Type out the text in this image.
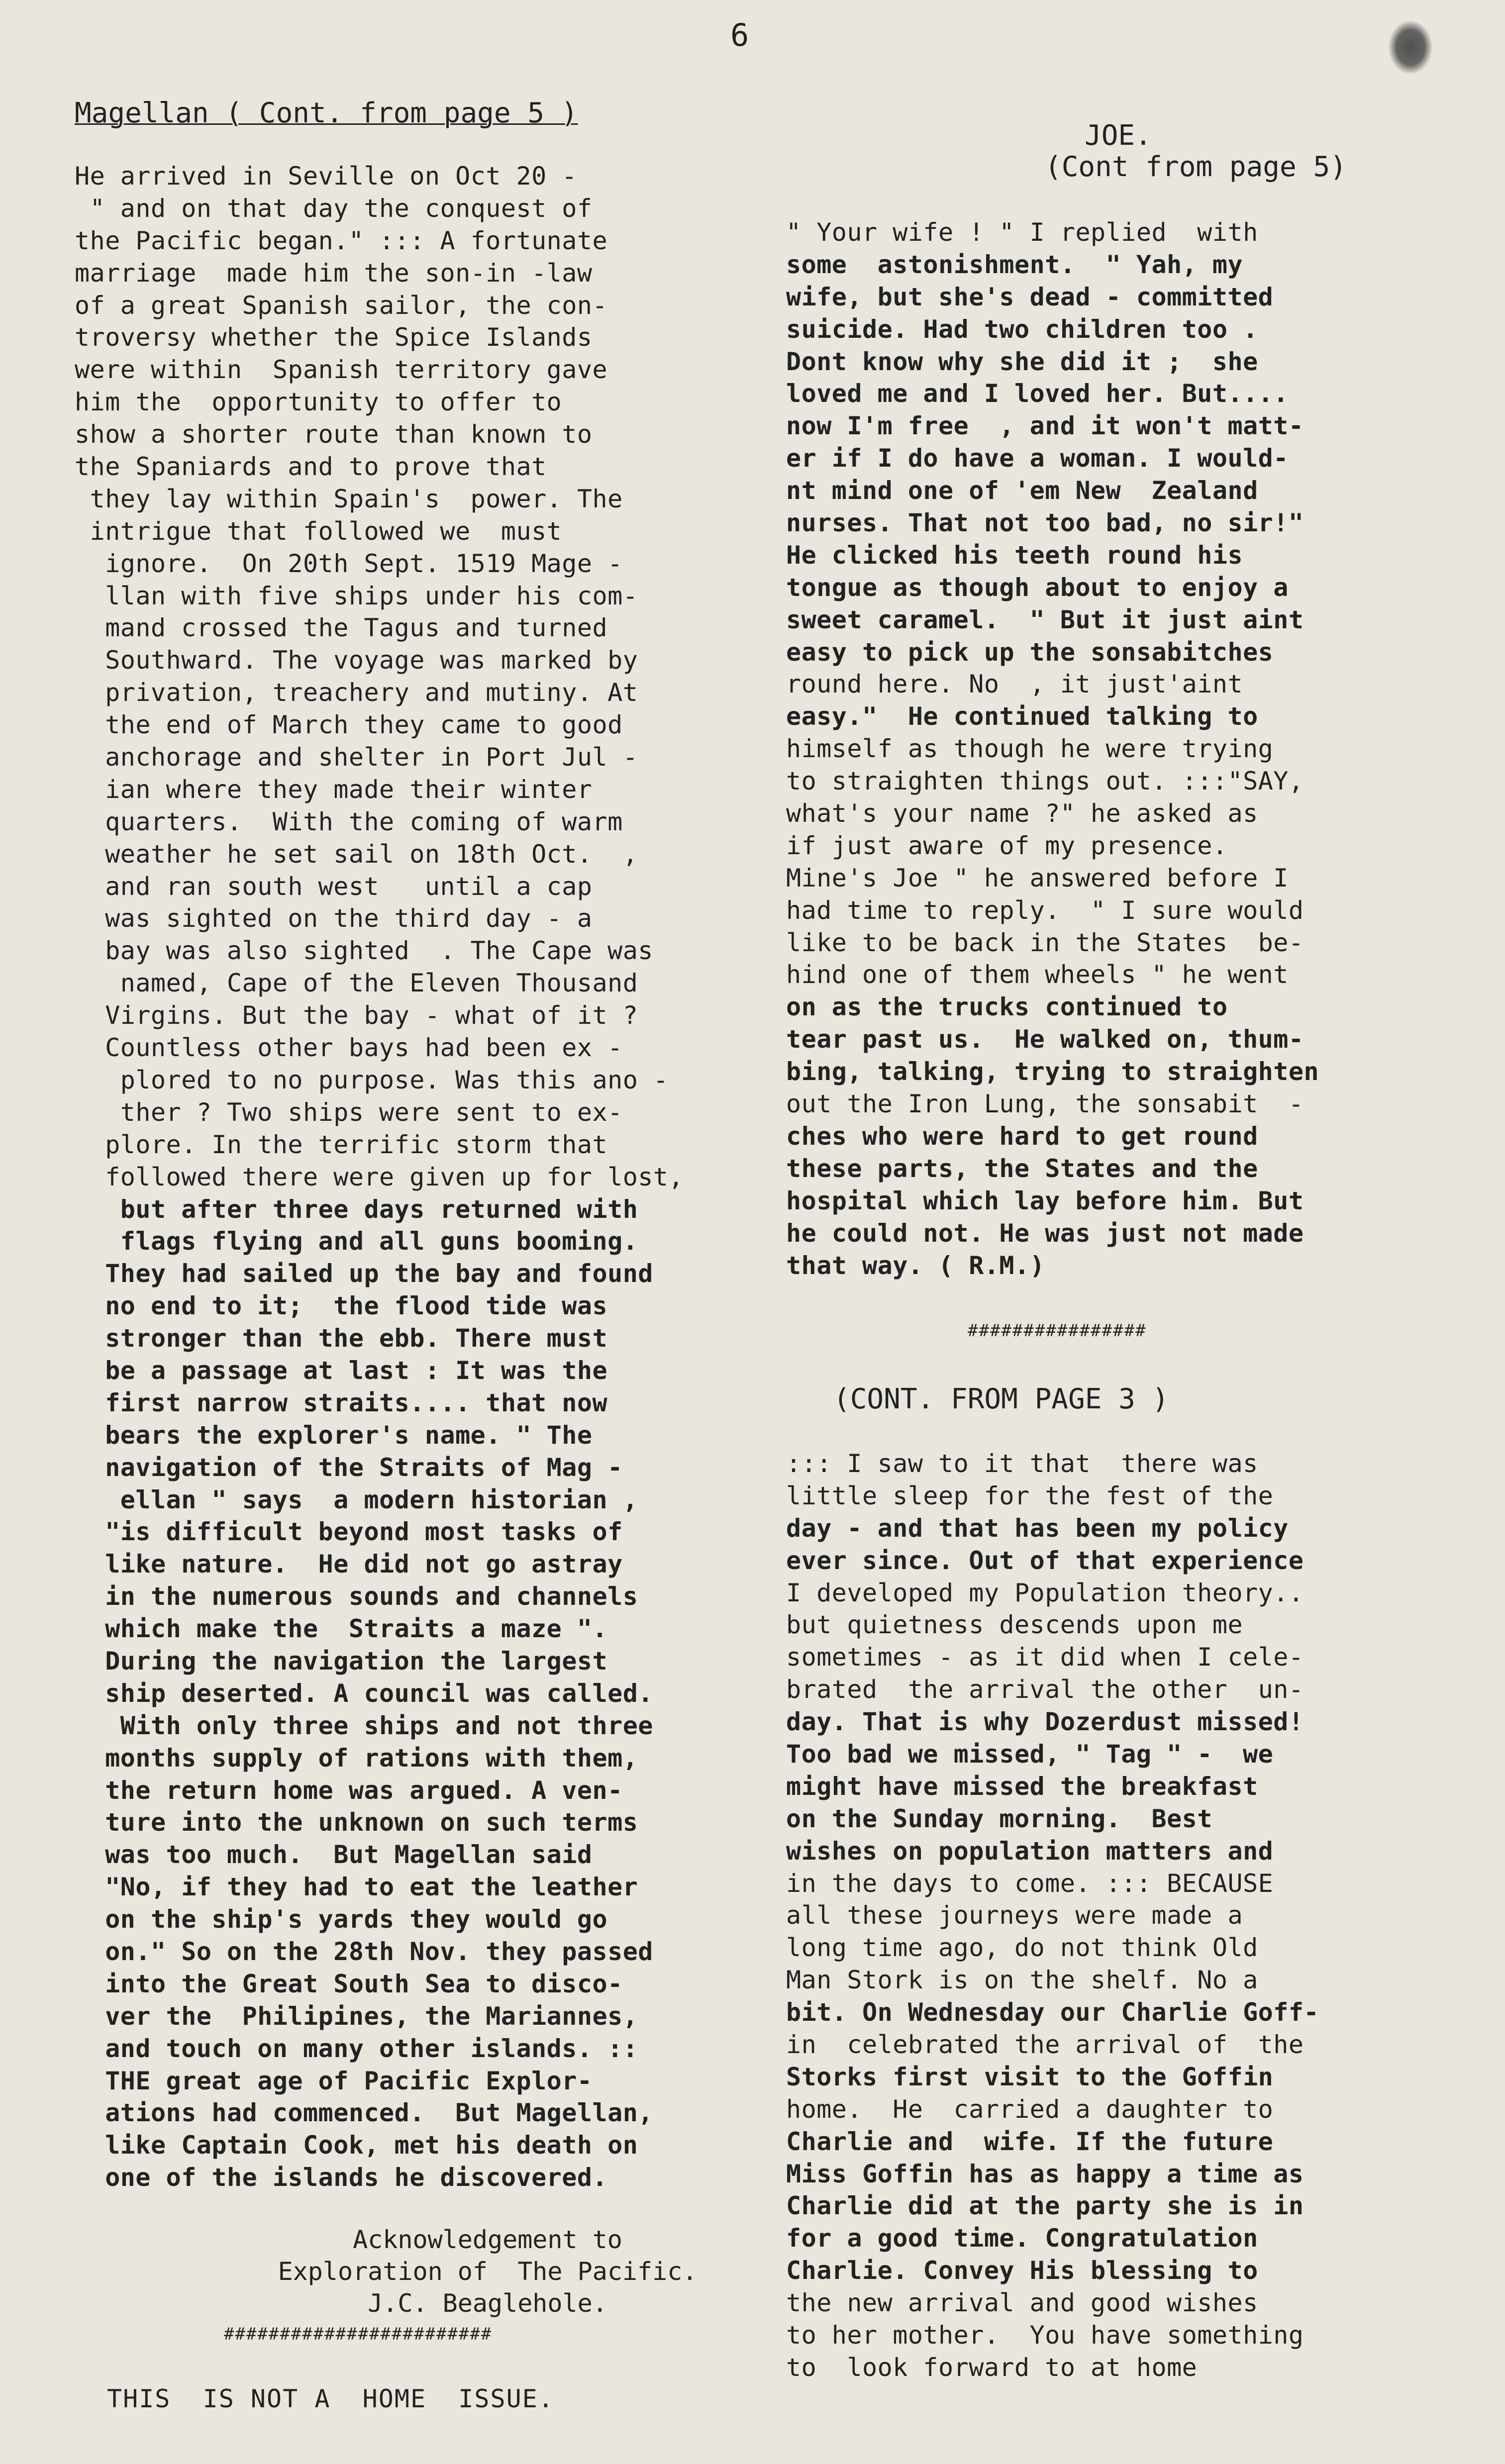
6
Magellan ( Cont. from page 5 )
He arrived in Seville on Oct 20 -
" and on that day the conquest of
the Pacific began." ::: A fortunate
marriage  made him the son-in -law
of a great Spanish sailor, the con-
troversy whether the Spice Islands
were within  Spanish territory gave
him the  opportunity to offer to
show a shorter route than known to
the Spaniards and to prove that
they lay within Spain's  power. The
intrigue that followed we  must
ignore.  On 20th Sept. 1519 Mage -
llan with five ships under his com-
mand crossed the Tagus and turned
Southward. The voyage was marked by
privation, treachery and mutiny. At
the end of March they came to good
anchorage and shelter in Port Jul -
ian where they made their winter
quarters.  With the coming of warm
weather he set sail on 18th Oct.  ,
and ran south west   until a cap
was sighted on the third day - a
bay was also sighted  . The Cape was
named, Cape of the Eleven Thousand
Virgins. But the bay - what of it ?
Countless other bays had been ex -
plored to no purpose. Was this ano -
ther ? Two ships were sent to ex-
plore. In the terrific storm that
followed there were given up for lost,
but after three days returned with
flags flying and all guns booming.
They had sailed up the bay and found
no end to it;  the flood tide was
stronger than the ebb. There must
be a passage at last : It was the
first narrow straits.... that now
bears the explorer's name. " The
navigation of the Straits of Mag -
ellan " says  a modern historian ,
"is difficult beyond most tasks of
like nature.  He did not go astray
in the numerous sounds and channels
which make the  Straits a maze ".
During the navigation the largest
ship deserted. A council was called.
With only three ships and not three
months supply of rations with them,
the return home was argued. A ven-
ture into the unknown on such terms
was too much.  But Magellan said
"No, if they had to eat the leather
on the ship's yards they would go
on." So on the 28th Nov. they passed
into the Great South Sea to disco-
ver the  Philipines, the Mariannes,
and touch on many other islands. ::
THE great age of Pacific Explor-
ations had commenced.  But Magellan,
like Captain Cook, met his death on
one of the islands he discovered.
Acknowledgement to
Exploration of  The Pacific.
J.C. Beaglehole.
########################
JOE.
(Cont from page 5)
" Your wife ! " I replied  with
some  astonishment.  " Yah, my
wife, but she's dead - committed
suicide. Had two children too .
Dont know why she did it ;  she
loved me and I loved her. But....
now I'm free  , and it won't matt-
er if I do have a woman. I would-
nt mind one of 'em New  Zealand
nurses. That not too bad, no sir!"
He clicked his teeth round his
tongue as though about to enjoy a
sweet caramel.  " But it just aint
easy to pick up the sonsabitches
round here. No  , it just'aint
easy."  He continued talking to
himself as though he were trying
to straighten things out. :::"SAY,
what's your name ?" he asked as
if just aware of my presence.
Mine's Joe " he answered before I
had time to reply.  " I sure would
like to be back in the States  be-
hind one of them wheels " he went
on as the trucks continued to
tear past us.  He walked on, thum-
bing, talking, trying to straighten
out the Iron Lung, the sonsabit  -
ches who were hard to get round
these parts, the States and the
hospital which lay before him. But
he could not. He was just not made
that way. ( R.M.)
################
(CONT. FROM PAGE 3 )
::: I saw to it that  there was
little sleep for the fest of the
day - and that has been my policy
ever since. Out of that experience
I developed my Population theory..
but quietness descends upon me
sometimes - as it did when I cele-
brated  the arrival the other  un-
day. That is why Dozerdust missed!
Too bad we missed, " Tag " -  we
might have missed the breakfast
on the Sunday morning.  Best
wishes on population matters and
in the days to come. ::: BECAUSE
all these journeys were made a
long time ago, do not think Old
Man Stork is on the shelf. No a
bit. On Wednesday our Charlie Goff-
in  celebrated the arrival of  the
Storks first visit to the Goffin
home.  He  carried a daughter to
Charlie and  wife. If the future
Miss Goffin has as happy a time as
Charlie did at the party she is in
for a good time. Congratulation
Charlie. Convey His blessing to
the new arrival and good wishes
to her mother.  You have something
to  look forward to at home
THIS  IS NOT A  HOME  ISSUE.
